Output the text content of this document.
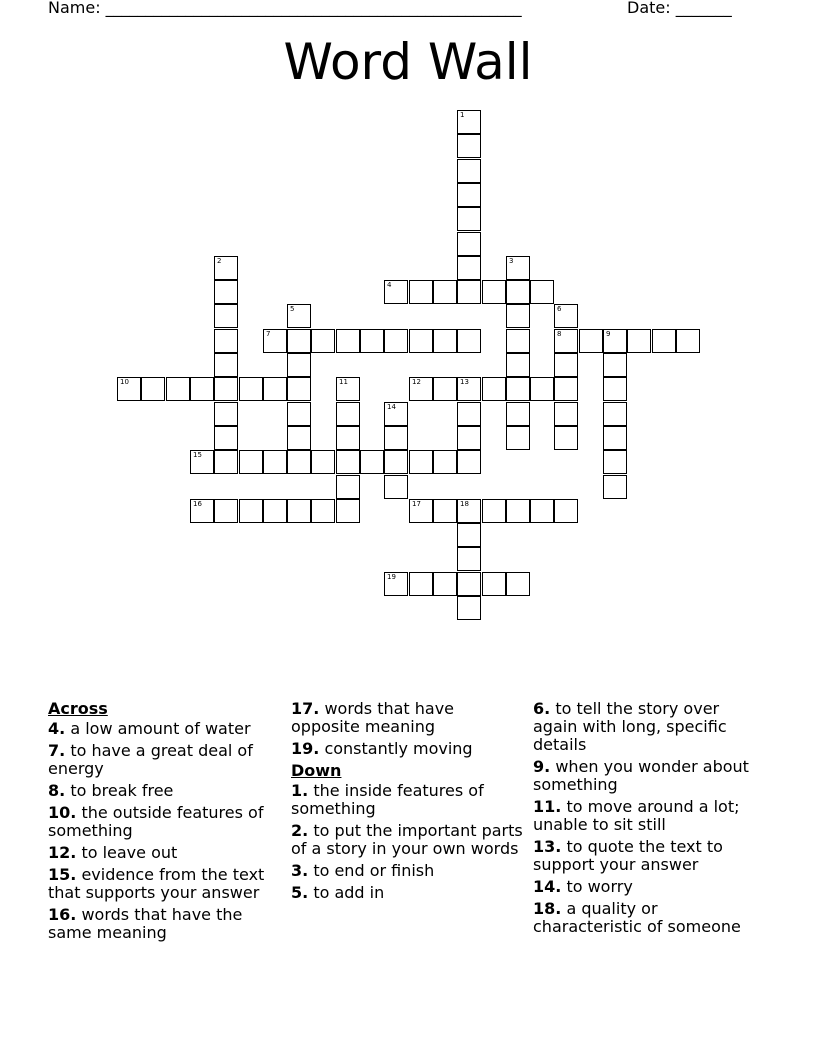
Name: ____________________________________________________	Date: _______
Word Wall
1
2	3
4
5	6
8
7	9
10	11	12	13
14
15
16	17	18
19
Across
4. a low amount of water
7. to have a great deal of energy
8. to break free
10. the outside features of something
12. to leave out
15. evidence from the text that supports your answer
16. words that have the same meaning
17. words that have opposite meaning
19. constantly moving
Down
1. the inside features of something
2. to put the important parts of a story in your own words
3. to end or finish
5. to add in
6. to tell the story over again with long, specific details
9. when you wonder about something
11. to move around a lot; unable to sit still
13. to quote the text to support your answer
14. to worry
18. a quality or characteristic of someone
